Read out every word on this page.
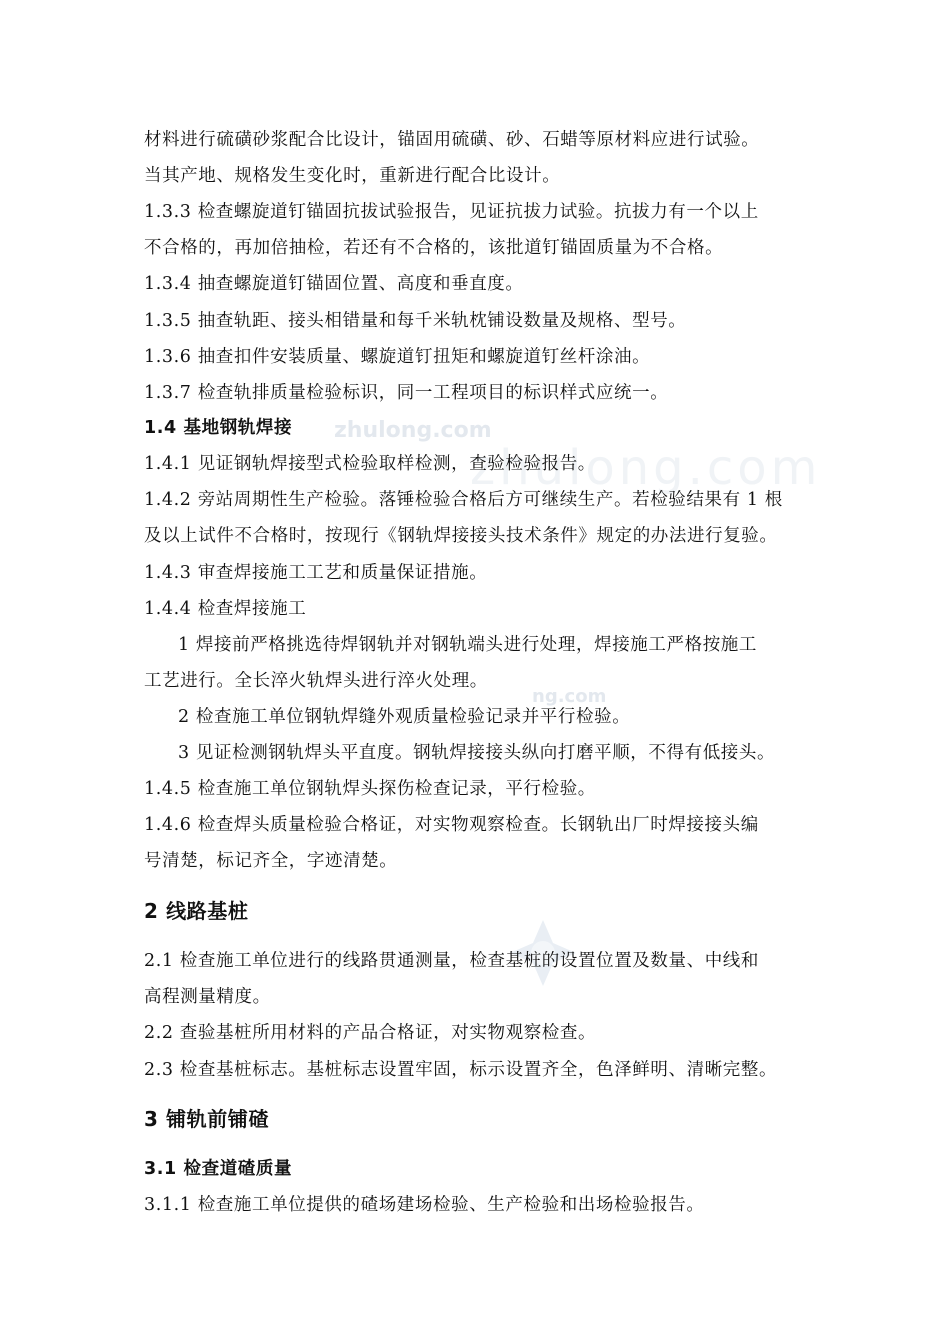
zhulong.com
zhulong.com
ng.com
材料进行硫磺砂浆配合比设计，锚固用硫磺、砂、石蜡等原材料应进行试验。
当其产地、规格发生变化时，重新进行配合比设计。
1.3.3 检查螺旋道钉锚固抗拔试验报告，见证抗拔力试验。抗拔力有一个以上
不合格的，再加倍抽检，若还有不合格的，该批道钉锚固质量为不合格。
1.3.4 抽查螺旋道钉锚固位置、高度和垂直度。
1.3.5 抽查轨距、接头相错量和每千米轨枕铺设数量及规格、型号。
1.3.6 抽查扣件安装质量、螺旋道钉扭矩和螺旋道钉丝杆涂油。
1.3.7 检查轨排质量检验标识，同一工程项目的标识样式应统一。
1.4 基地钢轨焊接
1.4.1 见证钢轨焊接型式检验取样检测，查验检验报告。
1.4.2 旁站周期性生产检验。落锤检验合格后方可继续生产。若检验结果有 1 根
及以上试件不合格时，按现行《钢轨焊接接头技术条件》规定的办法进行复验。
1.4.3 审查焊接施工工艺和质量保证措施。
1.4.4 检查焊接施工
1 焊接前严格挑选待焊钢轨并对钢轨端头进行处理，焊接施工严格按施工
工艺进行。全长淬火轨焊头进行淬火处理。
2 检查施工单位钢轨焊缝外观质量检验记录并平行检验。
3 见证检测钢轨焊头平直度。钢轨焊接接头纵向打磨平顺，不得有低接头。
1.4.5 检查施工单位钢轨焊头探伤检查记录，平行检验。
1.4.6 检查焊头质量检验合格证，对实物观察检查。长钢轨出厂时焊接接头编
号清楚，标记齐全，字迹清楚。
2 线路基桩
2.1 检查施工单位进行的线路贯通测量，检查基桩的设置位置及数量、中线和
高程测量精度。
2.2 查验基桩所用材料的产品合格证，对实物观察检查。
2.3 检查基桩标志。基桩标志设置牢固，标示设置齐全，色泽鲜明、清晰完整。
3 铺轨前铺碴
3.1 检查道碴质量
3.1.1 检查施工单位提供的碴场建场检验、生产检验和出场检验报告。
